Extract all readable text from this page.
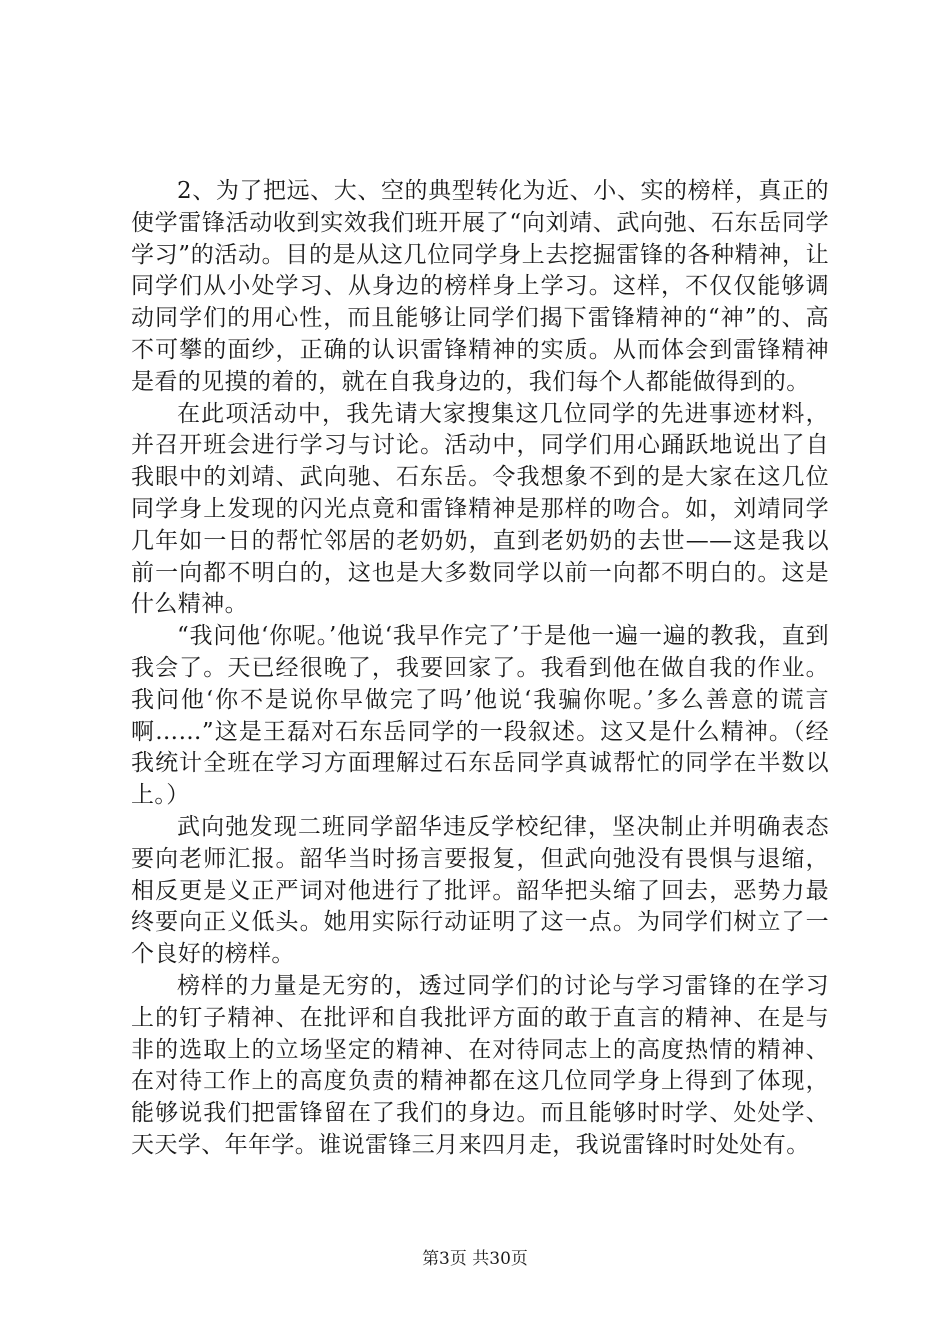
2、为了把远、大、空的典型转化为近、小、实的榜样，真正的使学雷锋活动收到实效我们班开展了“向刘靖、武向弛、石东岳同学学习”的活动。目的是从这几位同学身上去挖掘雷锋的各种精神，让同学们从小处学习、从身边的榜样身上学习。这样，不仅仅能够调动同学们的用心性，而且能够让同学们揭下雷锋精神的“神”的、高不可攀的面纱，正确的认识雷锋精神的实质。从而体会到雷锋精神是看的见摸的着的，就在自我身边的，我们每个人都能做得到的。

在此项活动中，我先请大家搜集这几位同学的先进事迹材料，并召开班会进行学习与讨论。活动中，同学们用心踊跃地说出了自我眼中的刘靖、武向驰、石东岳。令我想象不到的是大家在这几位同学身上发现的闪光点竟和雷锋精神是那样的吻合。如，刘靖同学几年如一日的帮忙邻居的老奶奶，直到老奶奶的去世——这是我以前一向都不明白的，这也是大多数同学以前一向都不明白的。这是什么精神。

“我问他‘你呢。’他说‘我早作完了’于是他一遍一遍的教我，直到我会了。天已经很晚了，我要回家了。我看到他在做自我的作业。我问他‘你不是说你早做完了吗’他说‘我骗你呢。’多么善意的谎言啊……”这是王磊对石东岳同学的一段叙述。这又是什么精神。（经我统计全班在学习方面理解过石东岳同学真诚帮忙的同学在半数以上。）

武向弛发现二班同学韶华违反学校纪律，坚决制止并明确表态要向老师汇报。韶华当时扬言要报复，但武向弛没有畏惧与退缩，相反更是义正严词对他进行了批评。韶华把头缩了回去，恶势力最终要向正义低头。她用实际行动证明了这一点。为同学们树立了一个良好的榜样。

榜样的力量是无穷的，透过同学们的讨论与学习雷锋的在学习上的钉子精神、在批评和自我批评方面的敢于直言的精神、在是与非的选取上的立场坚定的精神、在对待同志上的高度热情的精神、在对待工作上的高度负责的精神都在这几位同学身上得到了体现，能够说我们把雷锋留在了我们的身边。而且能够时时学、处处学、天天学、年年学。谁说雷锋三月来四月走，我说雷锋时时处处有。

第3页 共30页
